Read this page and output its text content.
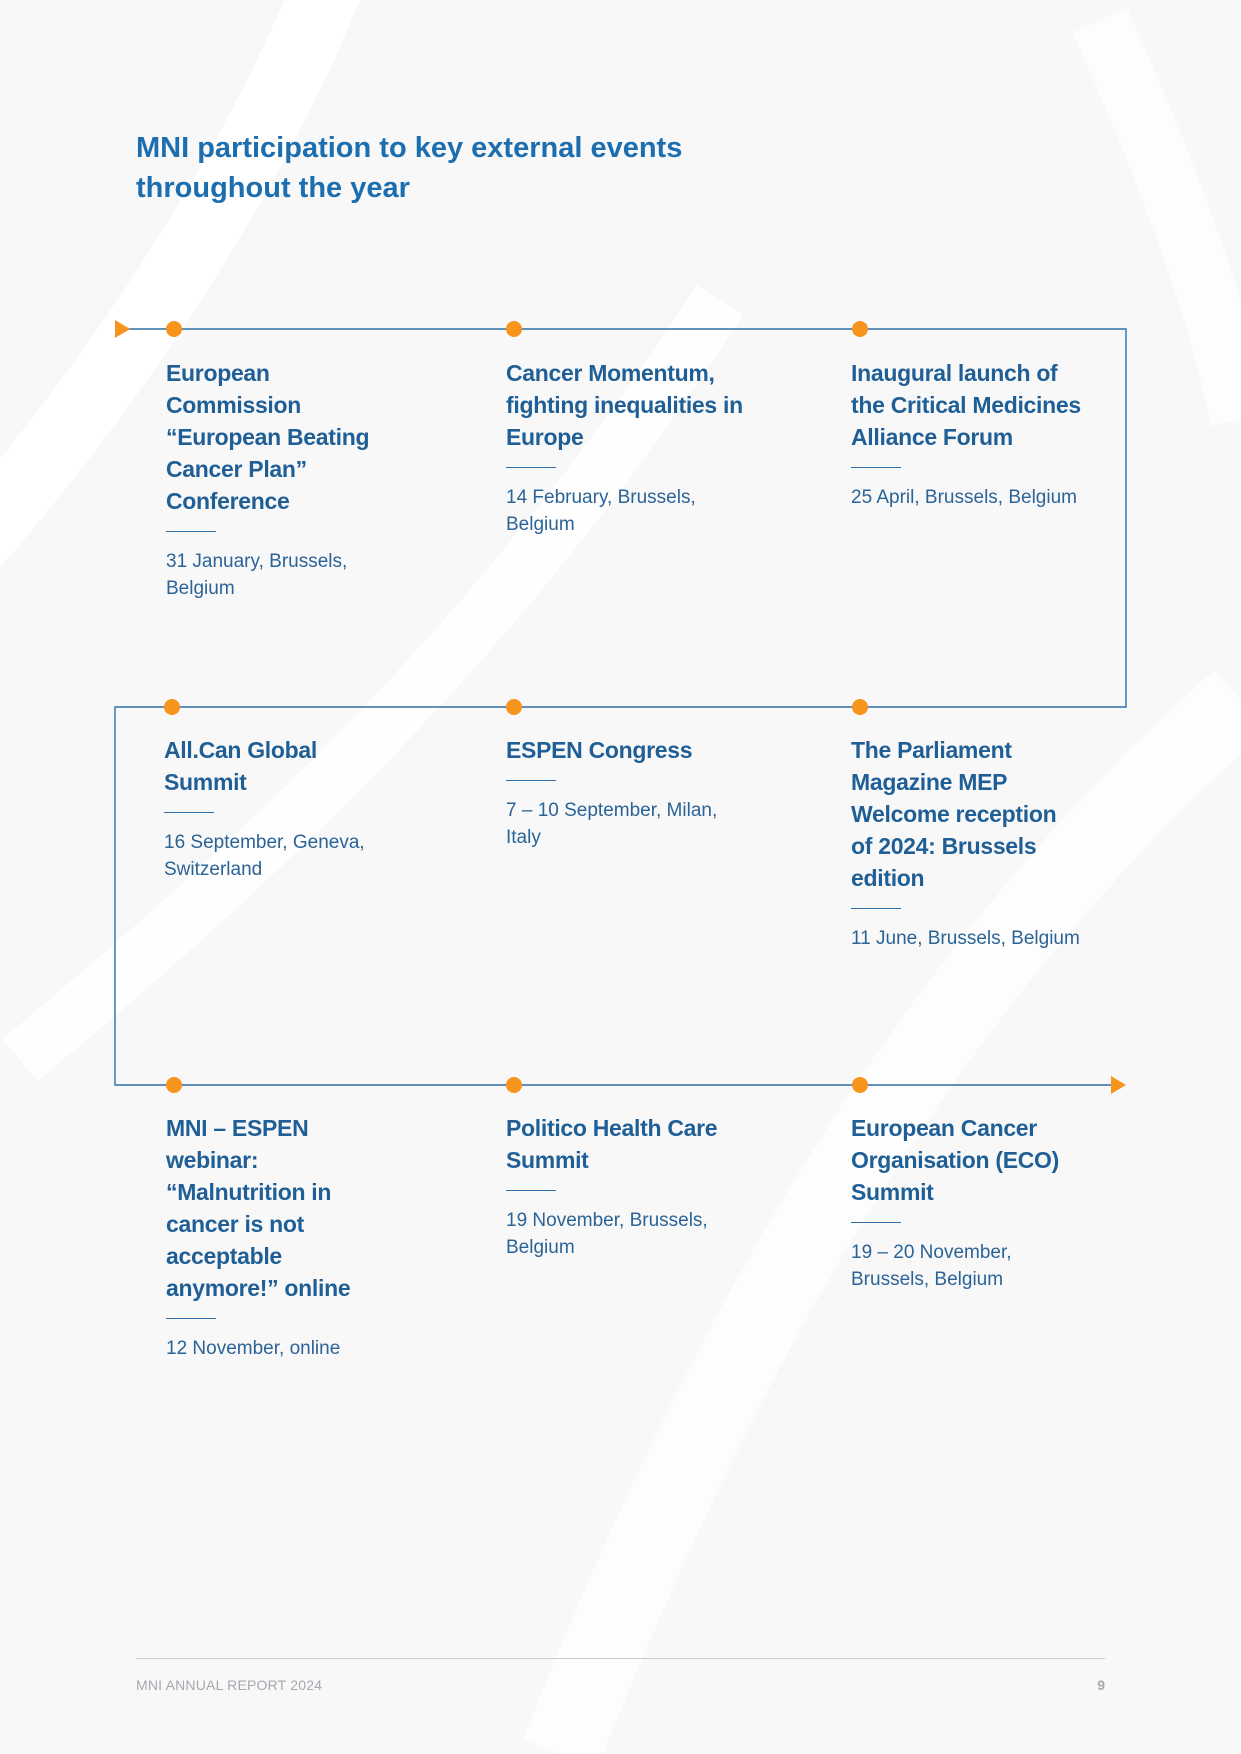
MNI participation to key external events
throughout the year
European Commission “European Beating Cancer Plan” Conference
31 January, Brussels, Belgium
Cancer Momentum, fighting inequalities in Europe
14 February, Brussels, Belgium
Inaugural launch of the Critical Medicines Alliance Forum
25 April, Brussels, Belgium
All.Can Global Summit
16 September, Geneva, Switzerland
ESPEN Congress
7 – 10 September, Milan, Italy
The Parliament Magazine MEP Welcome reception of 2024: Brussels edition
11 June, Brussels, Belgium
MNI – ESPEN webinar: “Malnutrition in cancer is not acceptable anymore!” online
12 November, online
Politico Health Care Summit
19 November, Brussels, Belgium
European Cancer Organisation (ECO) Summit
19 – 20 November, Brussels, Belgium
MNI ANNUAL REPORT 2024	9
